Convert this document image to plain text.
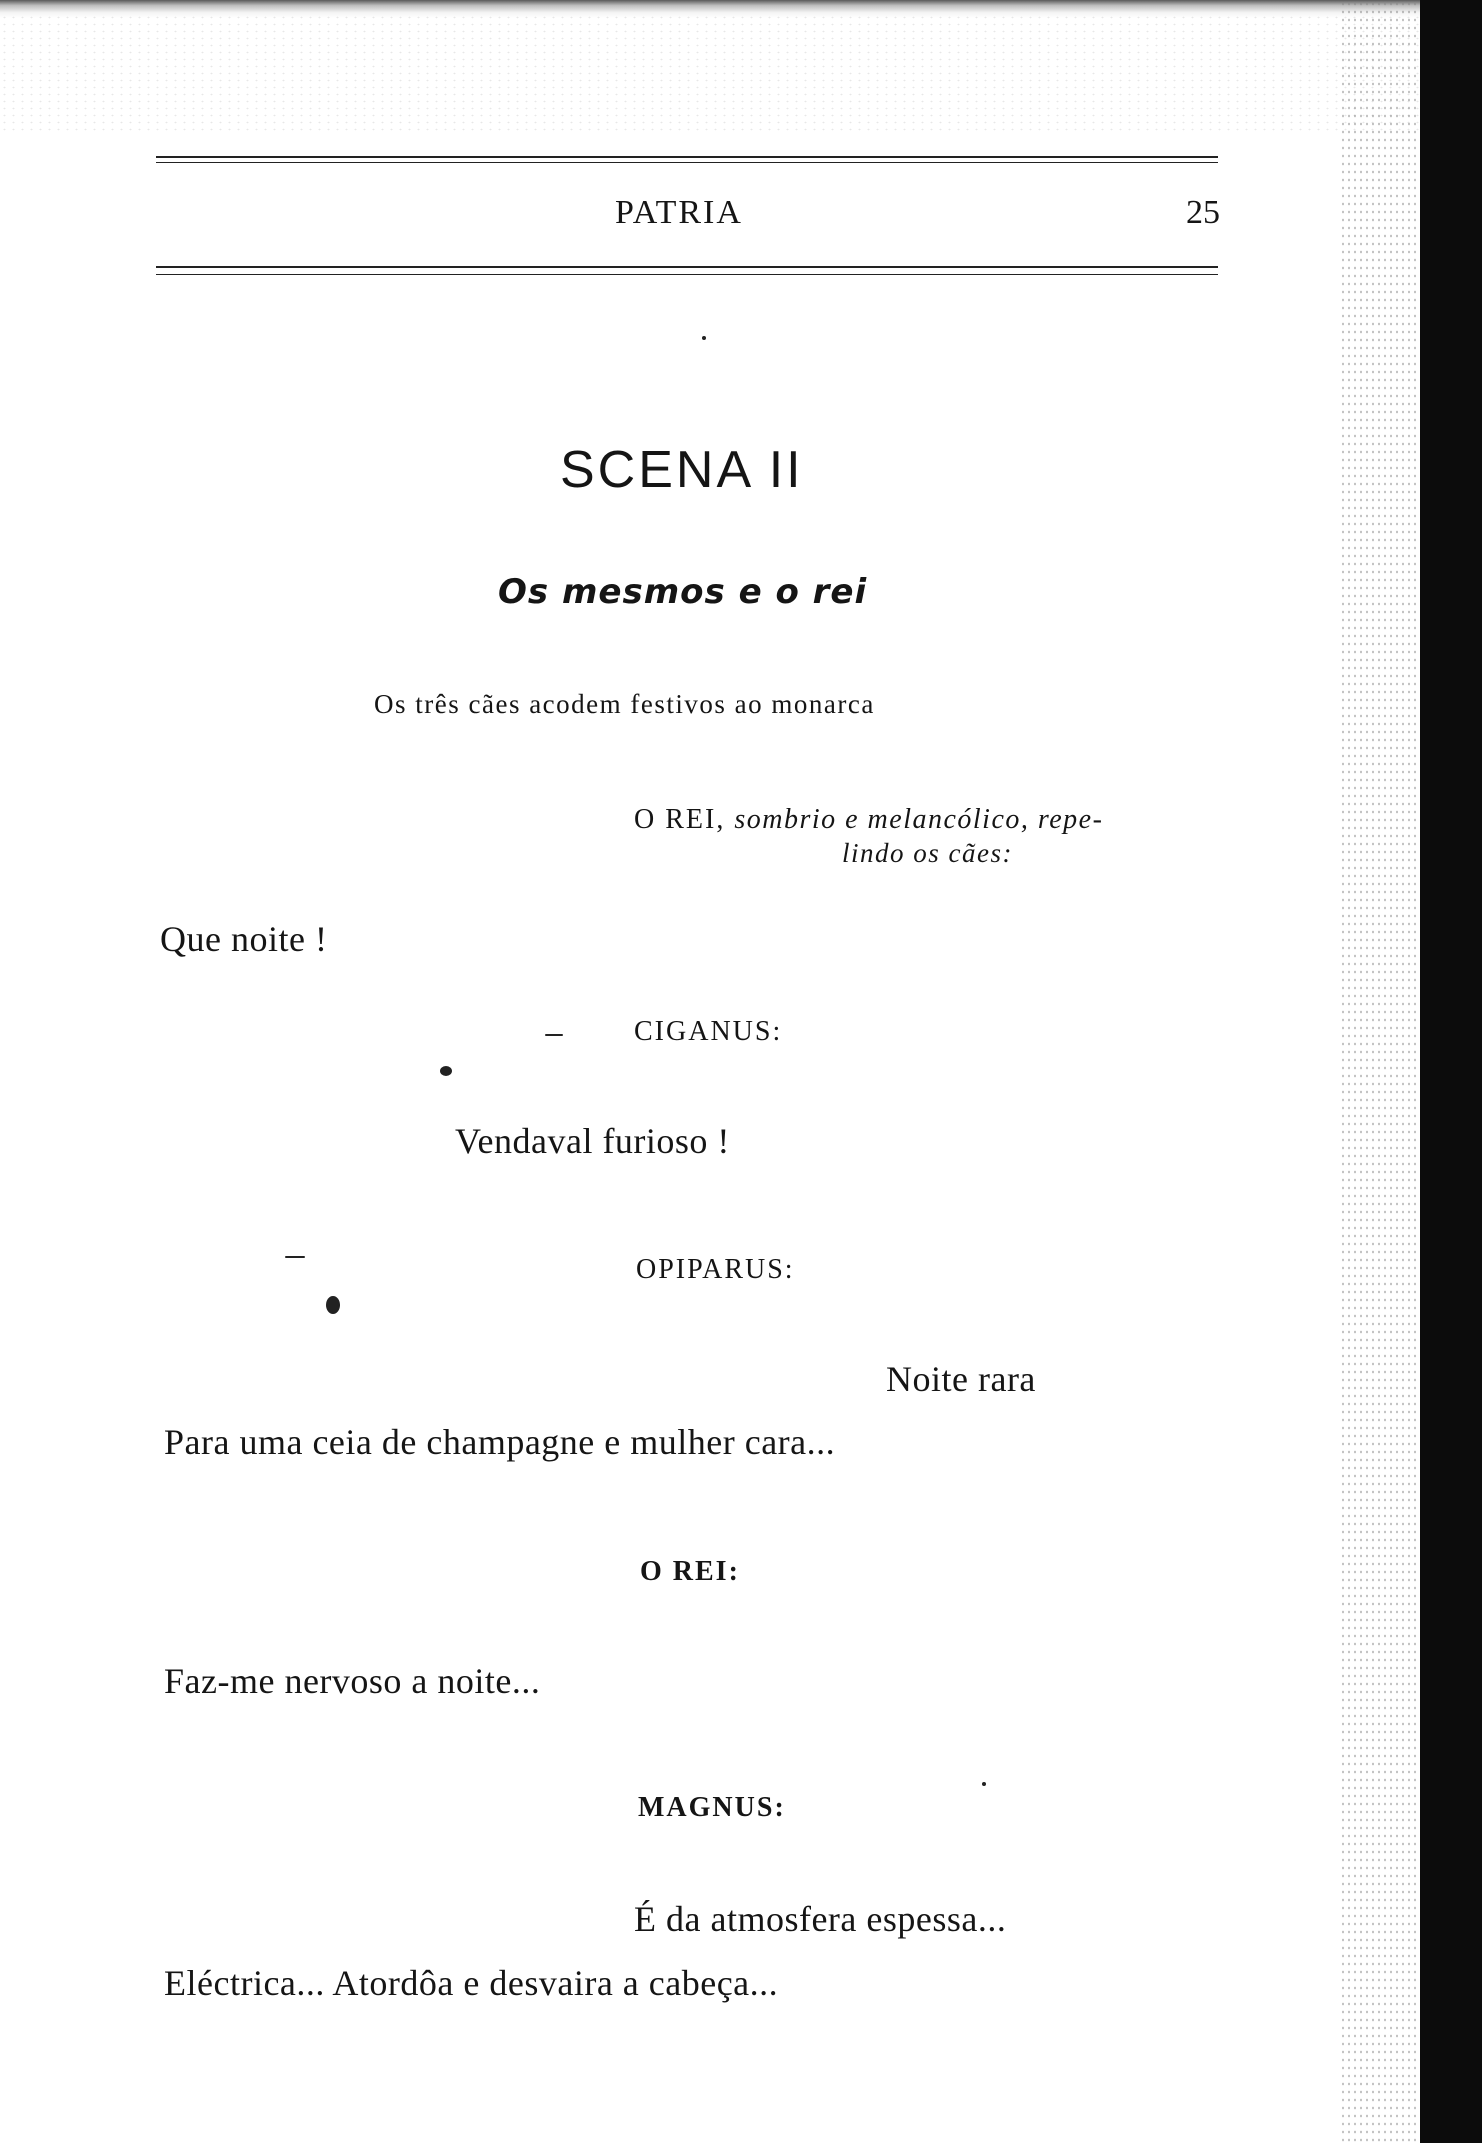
PATRIA	25
SCENA II
Os mesmos e o rei
Os três cães acodem festivos ao monarca
O REI, sombrio e melancólico, repe-
lindo os cães:
Que noite !
CIGANUS:
Vendaval furioso !
OPIPARUS:
Noite rara
Para uma ceia de champagne e mulher cara...
O REI:
Faz-me nervoso a noite...
MAGNUS:
É da atmosfera espessa...
Eléctrica... Atordôa e desvaira a cabeça...
